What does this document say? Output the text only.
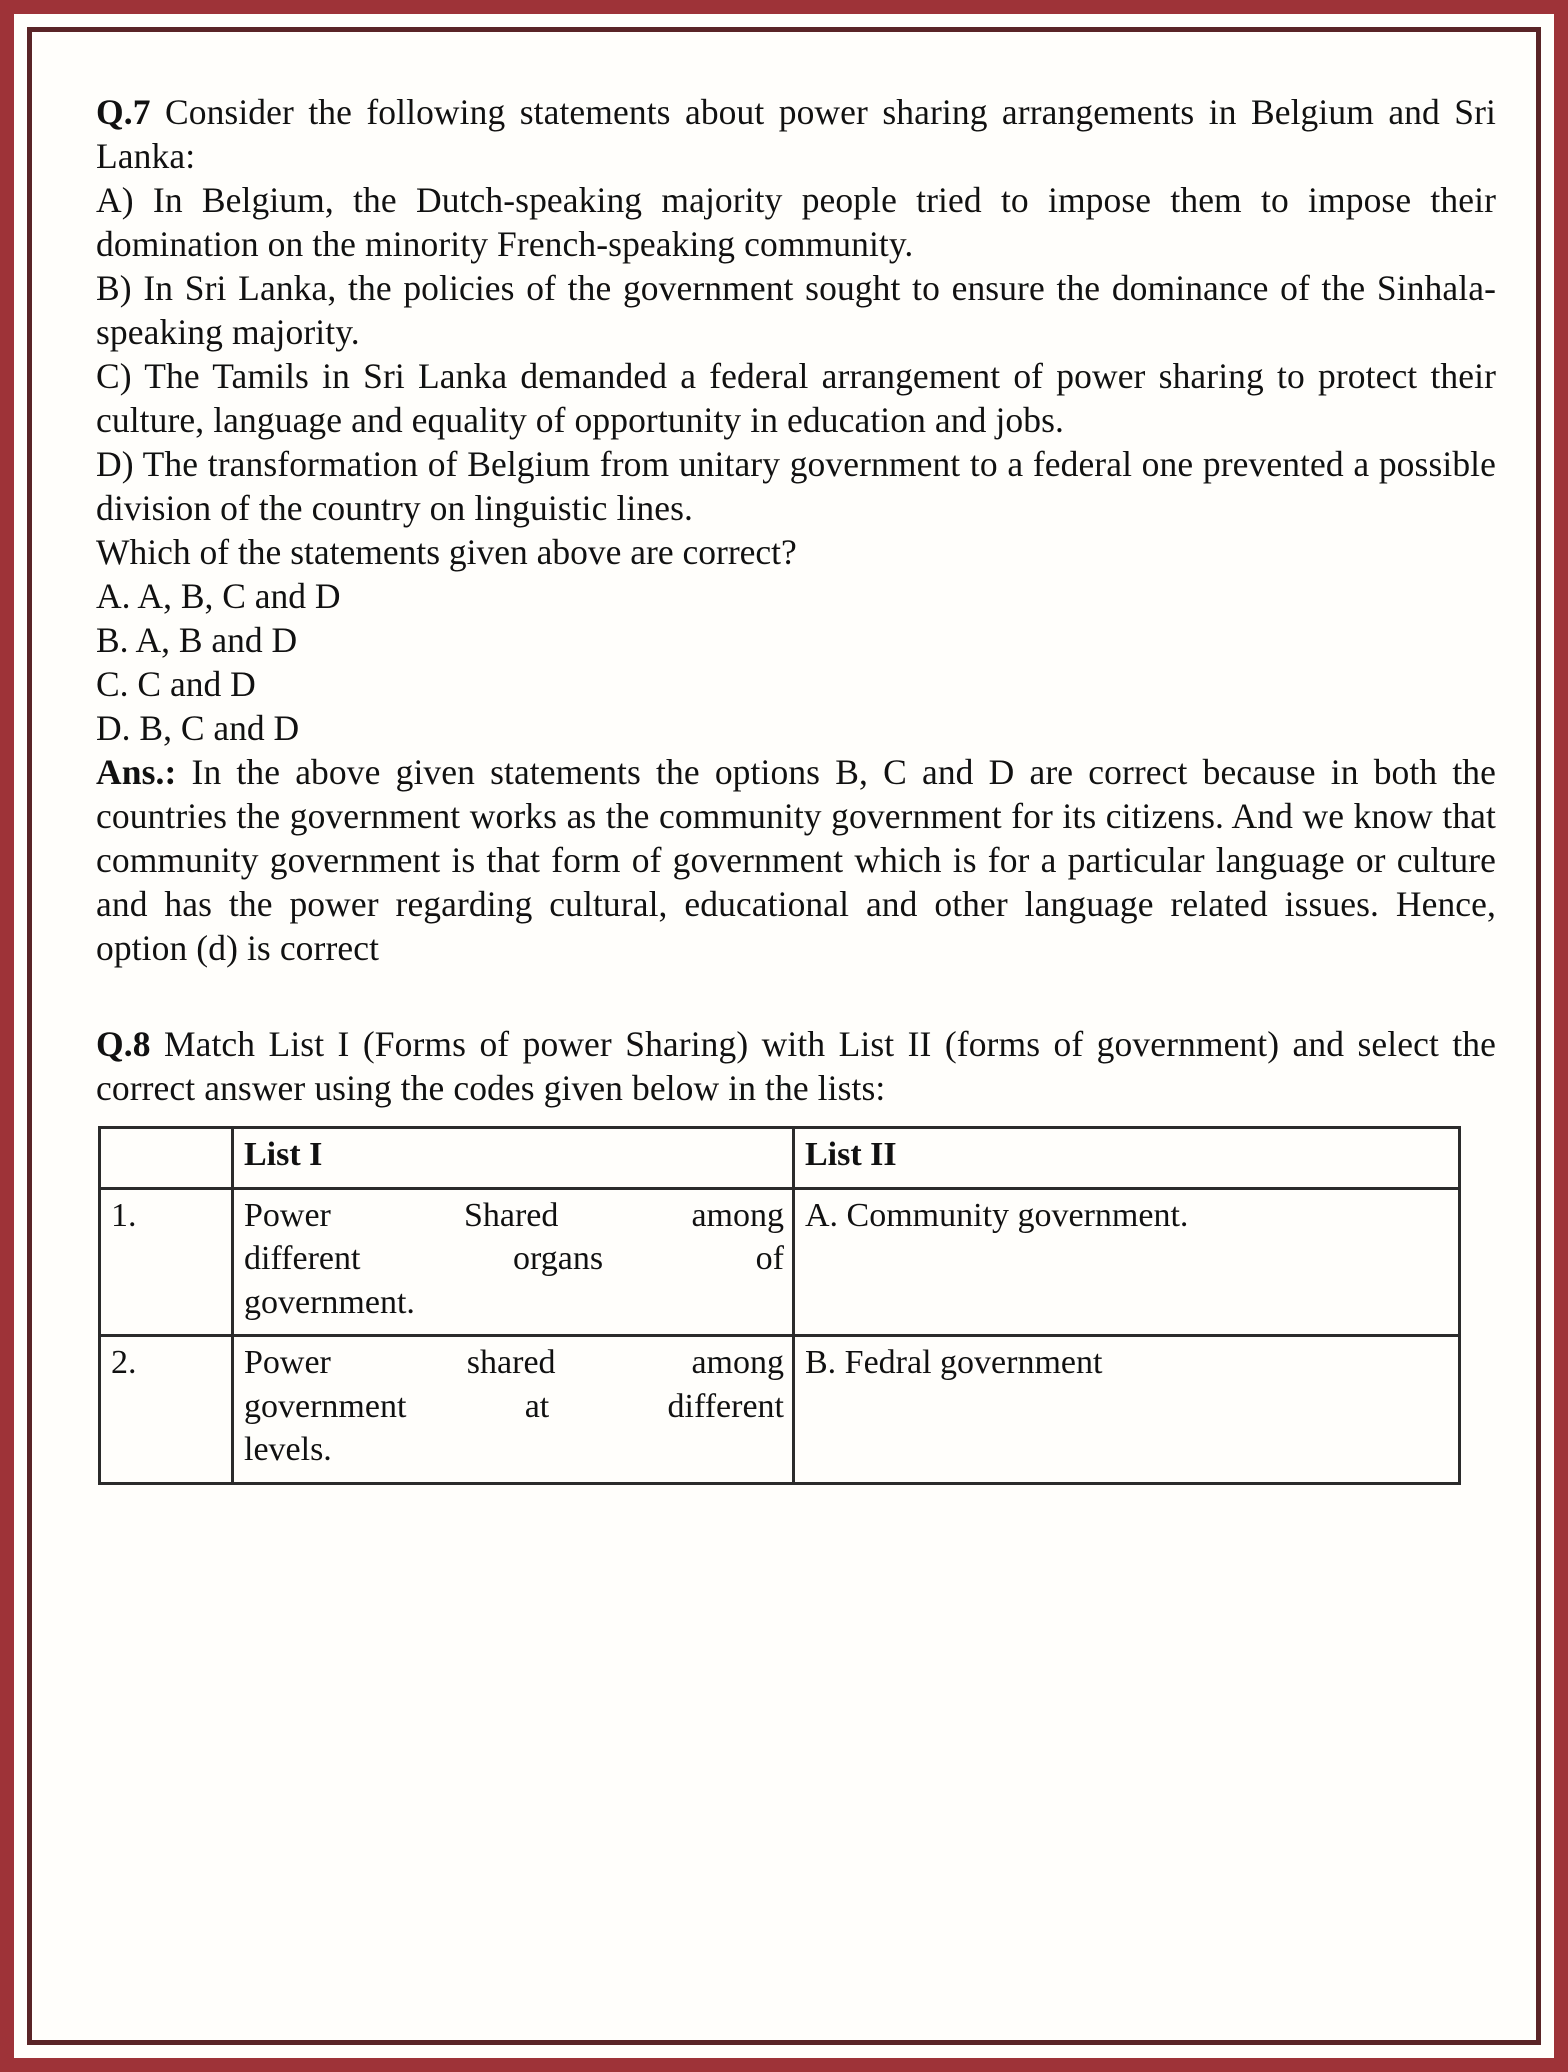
Q.7 Consider the following statements about power sharing arrangements in Belgium and Sri Lanka:

A) In Belgium, the Dutch-speaking majority people tried to impose them to impose their domination on the minority French-speaking community.

B) In Sri Lanka, the policies of the government sought to ensure the dominance of the Sinhala-speaking majority.

C) The Tamils in Sri Lanka demanded a federal arrangement of power sharing to protect their culture, language and equality of opportunity in education and jobs.

D) The transformation of Belgium from unitary government to a federal one prevented a possible division of the country on linguistic lines.

Which of the statements given above are correct?

A. A, B, C and D

B. A, B and D

C. C and D

D. B, C and D

Ans.: In the above given statements the options B, C and D are correct because in both the countries the government works as the community government for its citizens. And we know that community government is that form of government which is for a particular language or culture and has the power regarding cultural, educational and other language related issues. Hence, option (d) is correct

Q.8 Match List I (Forms of power Sharing) with List II (forms of government) and select the correct answer using the codes given below in the lists:

	List I	List II
1.	Power Shared among
different organs of
government.	A. Community government.
2.	Power shared among
government at different
levels.	B. Fedral government
